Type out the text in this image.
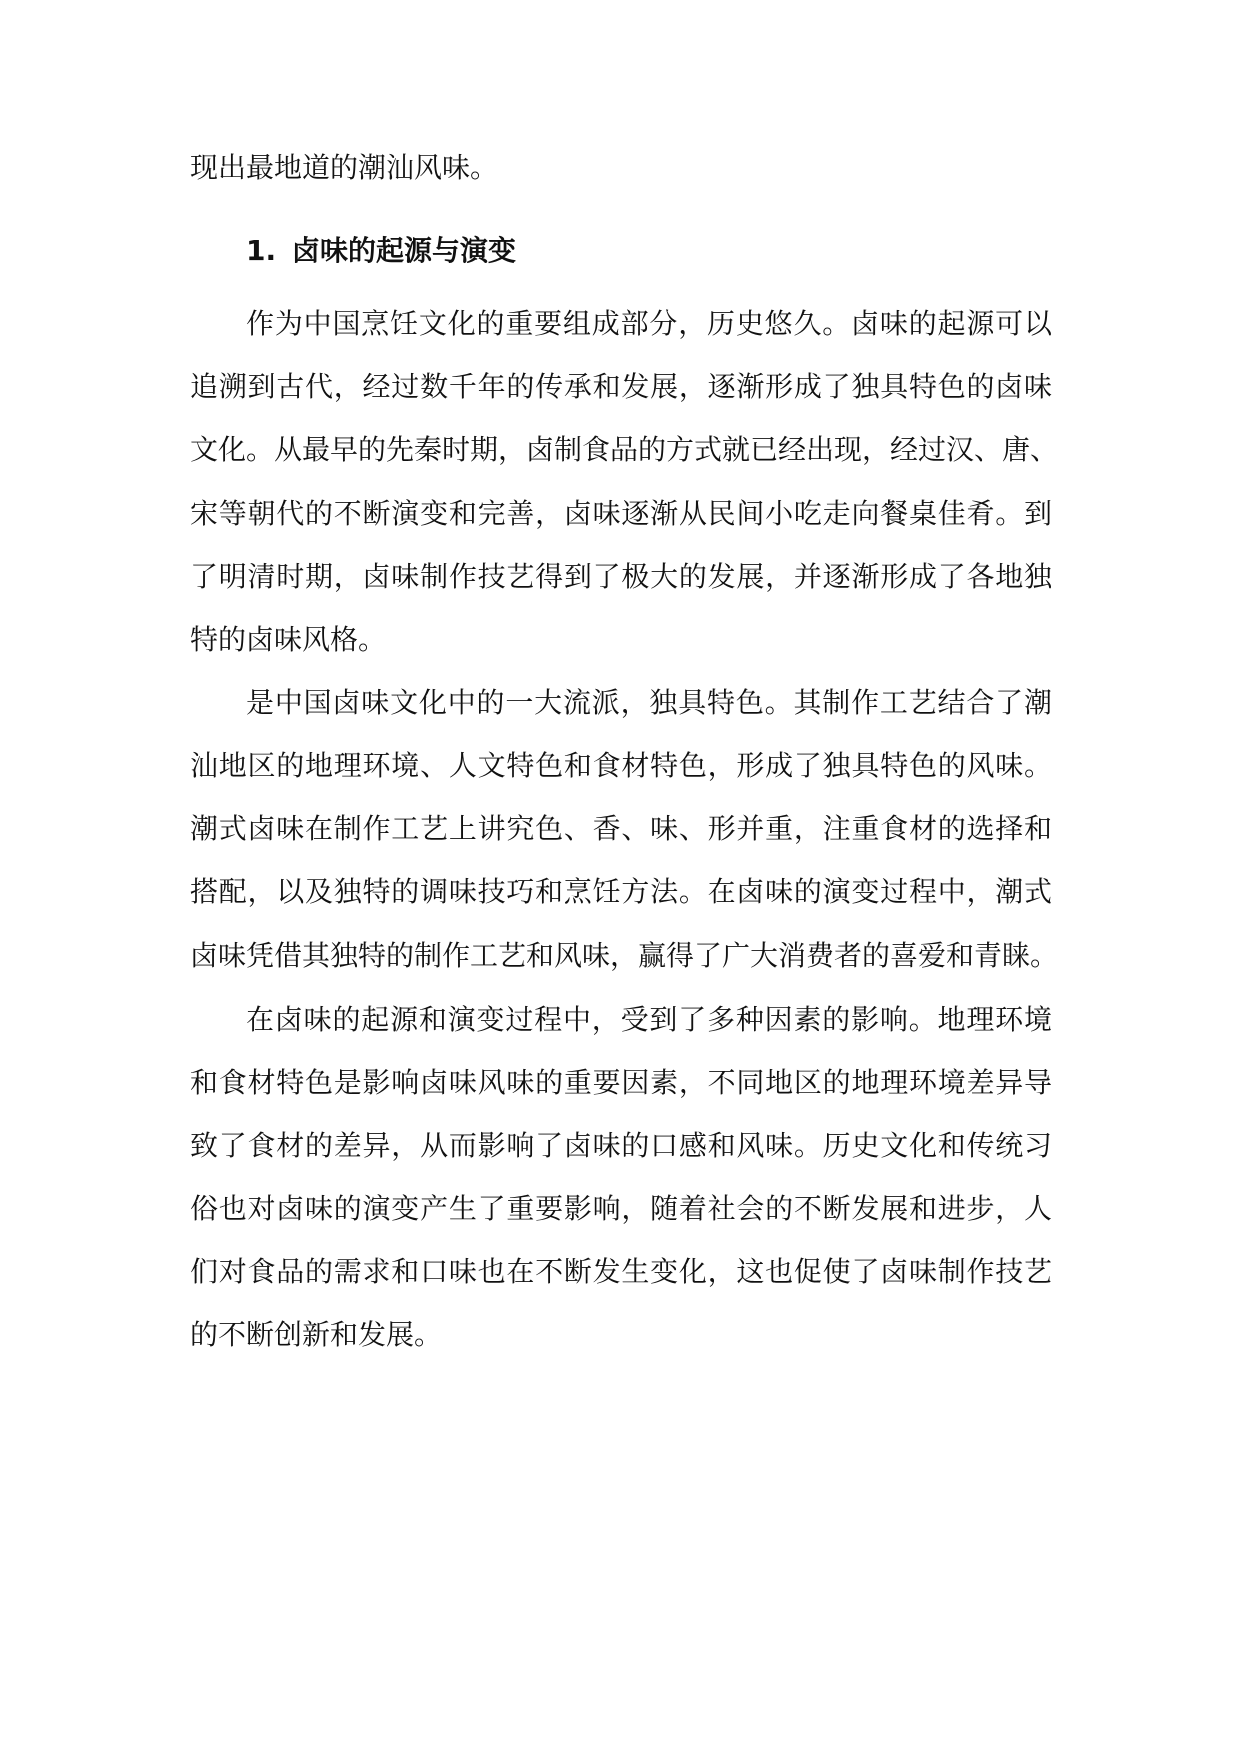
现出最地道的潮汕风味。
1. 卤味的起源与演变
作为中国烹饪文化的重要组成部分，历史悠久。卤味的起源可以
追溯到古代，经过数千年的传承和发展，逐渐形成了独具特色的卤味
文化。从最早的先秦时期，卤制食品的方式就已经出现，经过汉、唐、
宋等朝代的不断演变和完善，卤味逐渐从民间小吃走向餐桌佳肴。到
了明清时期，卤味制作技艺得到了极大的发展，并逐渐形成了各地独
特的卤味风格。
是中国卤味文化中的一大流派，独具特色。其制作工艺结合了潮
汕地区的地理环境、人文特色和食材特色，形成了独具特色的风味。
潮式卤味在制作工艺上讲究色、香、味、形并重，注重食材的选择和
搭配，以及独特的调味技巧和烹饪方法。在卤味的演变过程中，潮式
卤味凭借其独特的制作工艺和风味，赢得了广大消费者的喜爱和青睐。
在卤味的起源和演变过程中，受到了多种因素的影响。地理环境
和食材特色是影响卤味风味的重要因素，不同地区的地理环境差异导
致了食材的差异，从而影响了卤味的口感和风味。历史文化和传统习
俗也对卤味的演变产生了重要影响，随着社会的不断发展和进步，人
们对食品的需求和口味也在不断发生变化，这也促使了卤味制作技艺
的不断创新和发展。
